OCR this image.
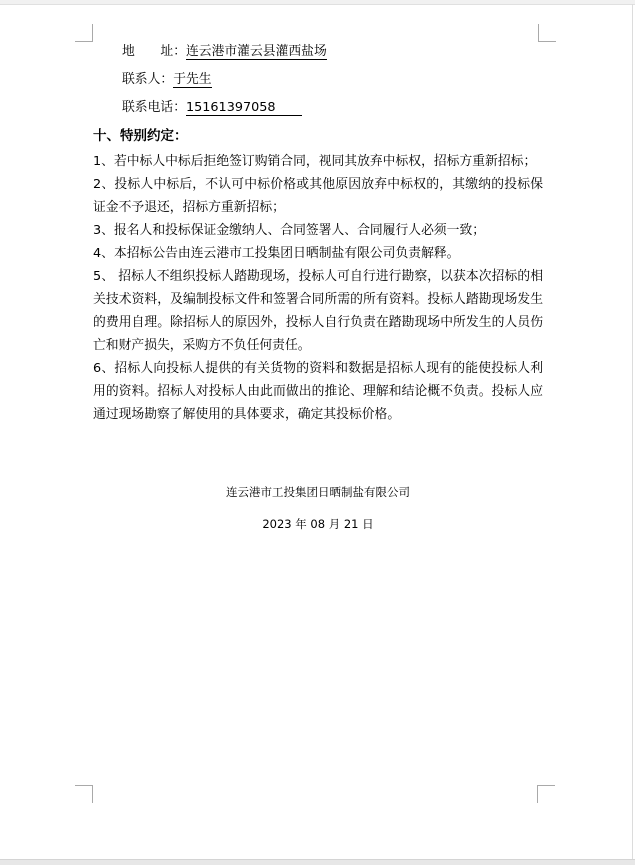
地　　址：连云港市灌云县灌西盐场
联系人：于先生
联系电话：15161397058
十、特别约定：

1、若中标人中标后拒绝签订购销合同，视同其放弃中标权，招标方重新招标；

2、投标人中标后，不认可中标价格或其他原因放弃中标权的，其缴纳的投标保证金不予退还，招标方重新招标；

3、报名人和投标保证金缴纳人、合同签署人、合同履行人必须一致；

4、本招标公告由连云港市工投集团日晒制盐有限公司负责解释。

5、 招标人不组织投标人踏勘现场，投标人可自行进行勘察，以获本次招标的相关技术资料，及编制投标文件和签署合同所需的所有资料。投标人踏勘现场发生的费用自理。除招标人的原因外，投标人自行负责在踏勘现场中所发生的人员伤亡和财产损失，采购方不负任何责任。

6、招标人向投标人提供的有关货物的资料和数据是招标人现有的能使投标人利用的资料。招标人对投标人由此而做出的推论、理解和结论概不负责。投标人应通过现场勘察了解使用的具体要求，确定其投标价格。

连云港市工投集团日晒制盐有限公司
2023 年 08 月 21 日
